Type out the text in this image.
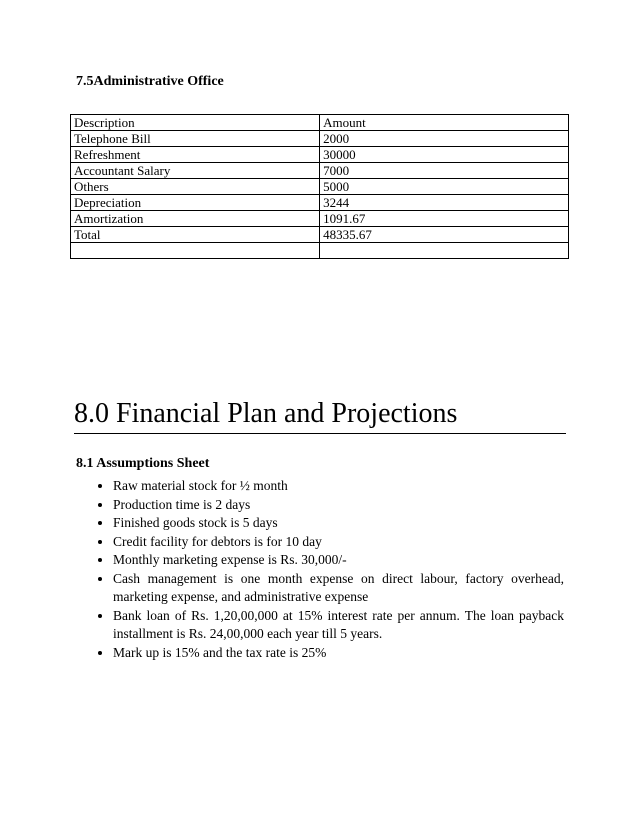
7.5Administrative Office
Description	Amount
Telephone Bill	2000
Refreshment	30000
Accountant Salary	7000
Others	5000
Depreciation	3244
Amortization	1091.67
Total	48335.67

8.0 Financial Plan and Projections
8.1 Assumptions Sheet
• Raw material stock for ½ month
• Production time is 2 days
• Finished goods stock is 5 days
• Credit facility for debtors is for 10 day
• Monthly marketing expense is Rs. 30,000/-
• Cash management is one month expense on direct labour, factory overhead, marketing expense, and administrative expense
• Bank loan of Rs. 1,20,00,000 at 15% interest rate per annum. The loan payback installment is Rs. 24,00,000 each year till 5 years.
• Mark up is 15% and the tax rate is 25%
